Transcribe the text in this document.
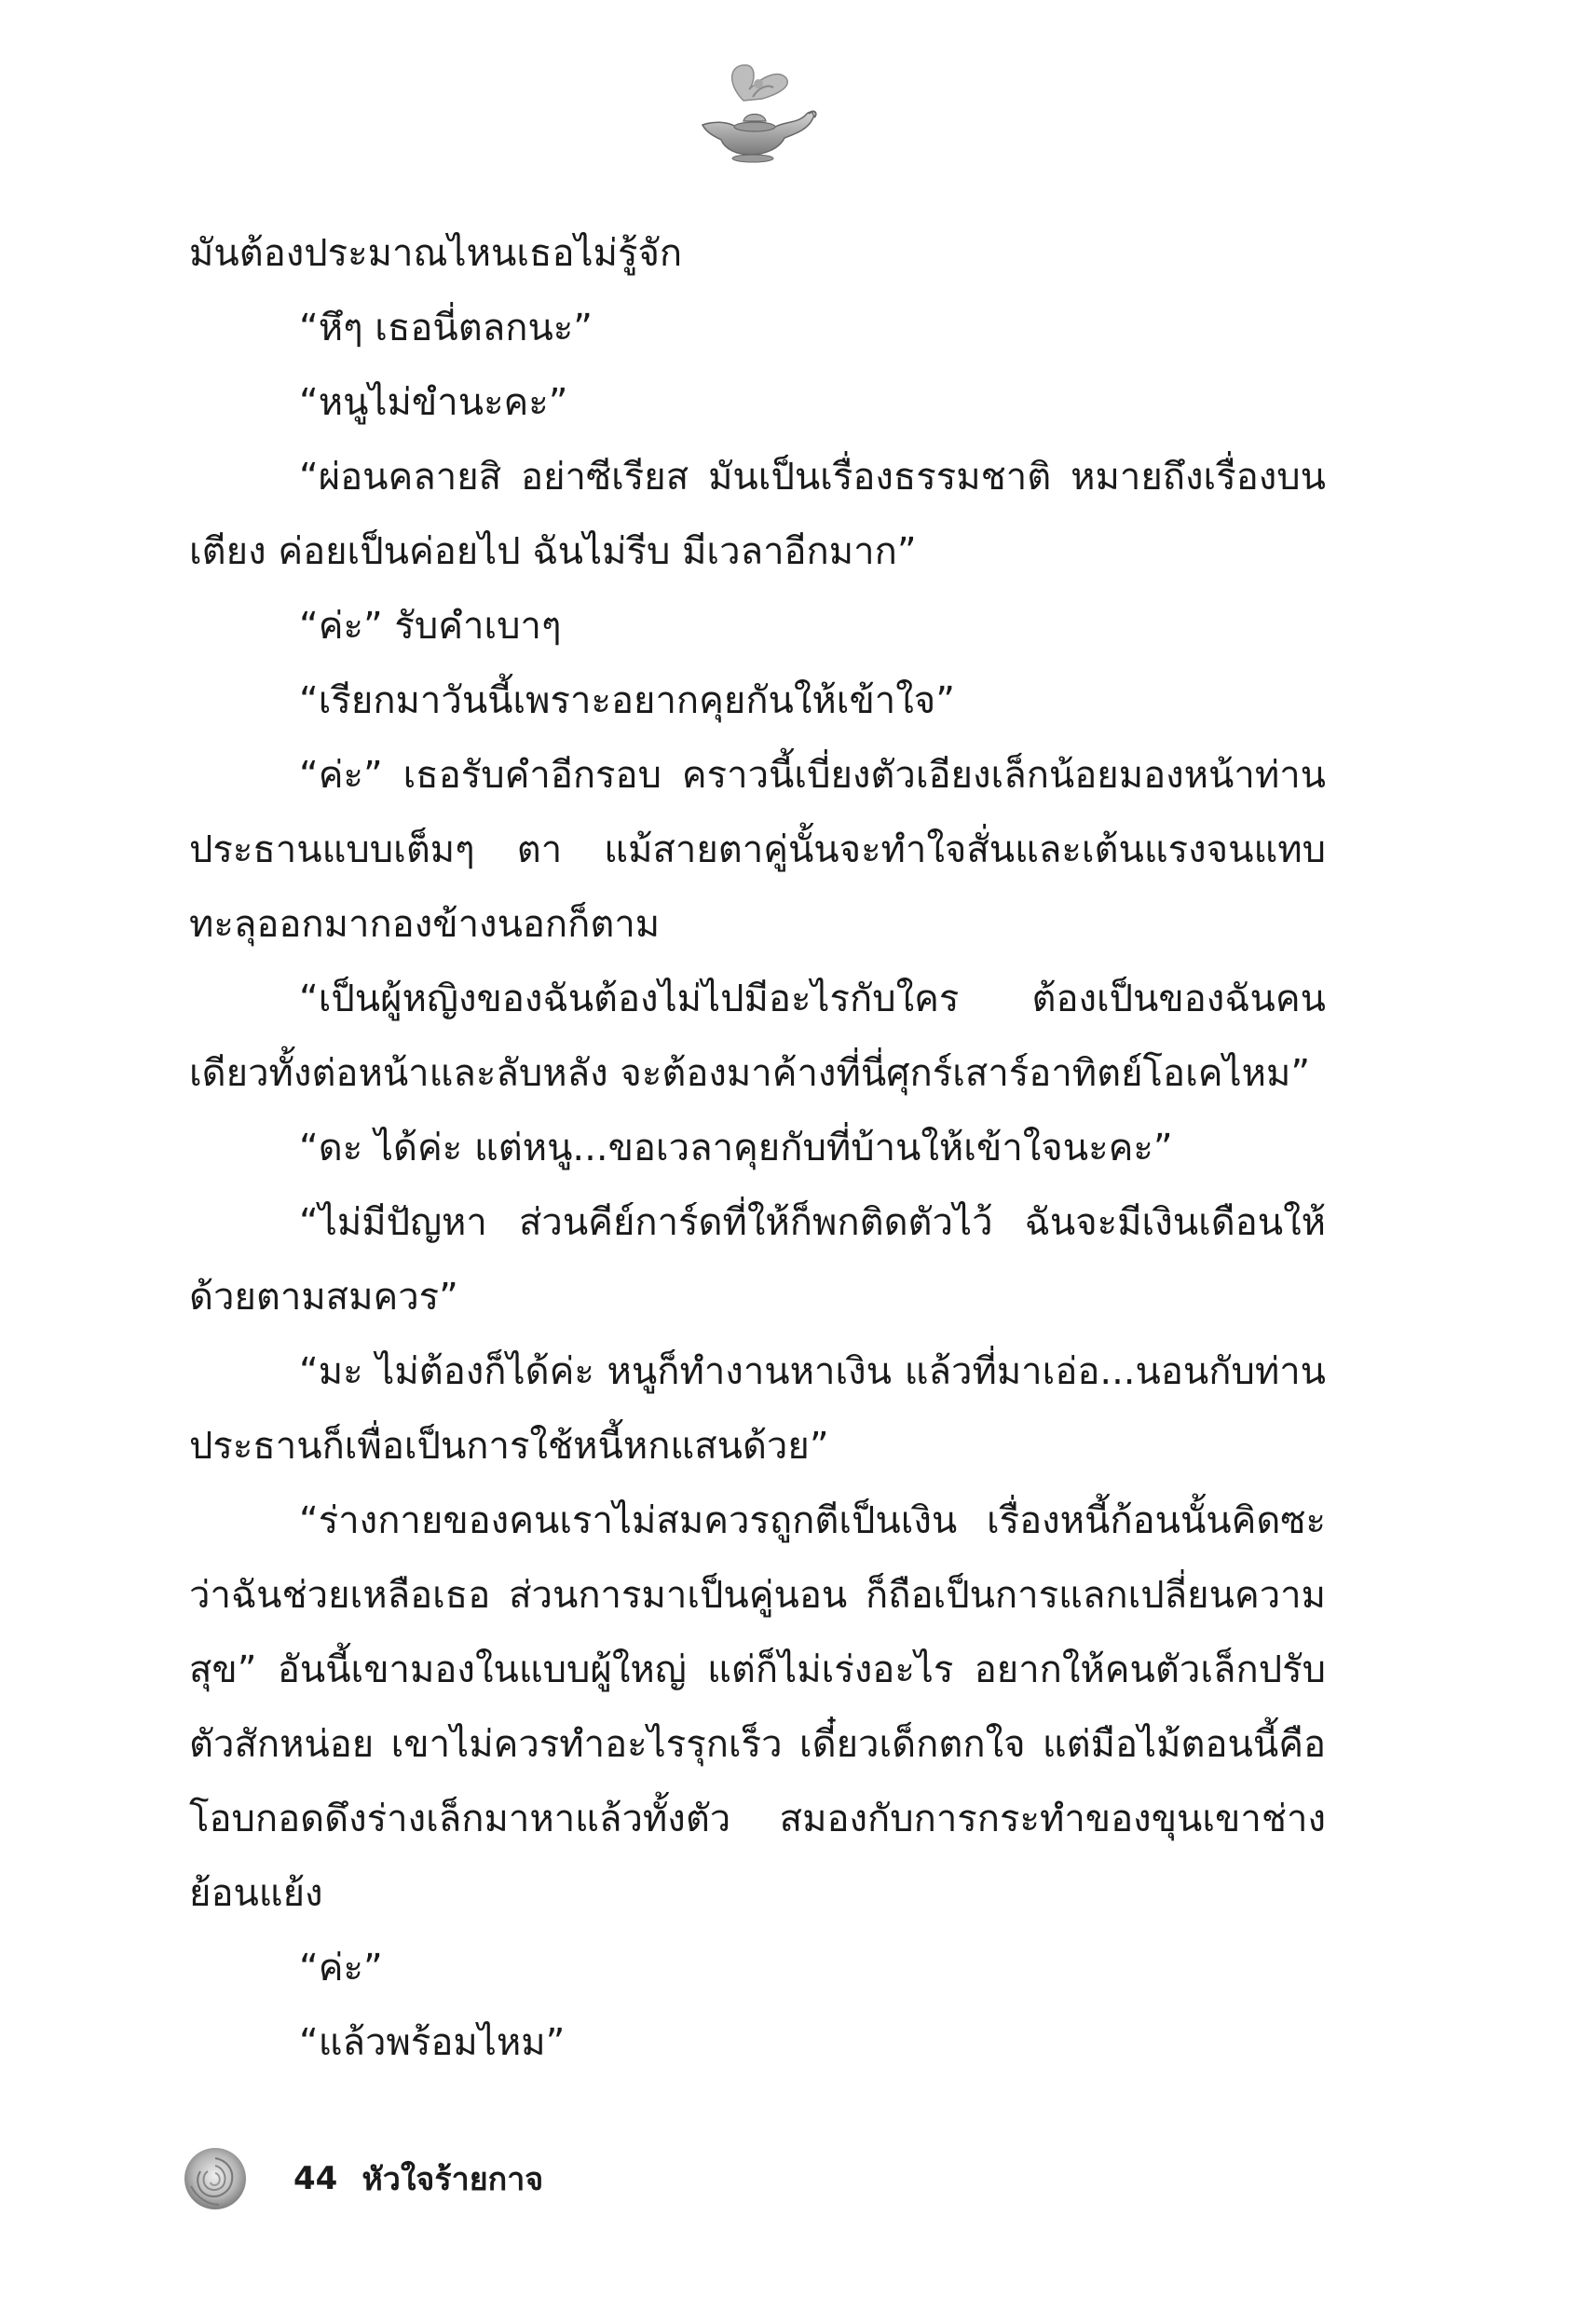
มันต้องประมาณไหนเธอไม่รู้จัก

“หึๆ เธอนี่ตลกนะ”

“หนูไม่ขำนะคะ”

“ผ่อนคลายสิ อย่าซีเรียส มันเป็นเรื่องธรรมชาติ หมายถึงเรื่องบนเตียง ค่อยเป็นค่อยไป ฉันไม่รีบ มีเวลาอีกมาก”

“ค่ะ” รับคำเบาๆ

“เรียกมาวันนี้เพราะอยากคุยกันให้เข้าใจ”

“ค่ะ” เธอรับคำอีกรอบ คราวนี้เบี่ยงตัวเอียงเล็กน้อยมองหน้าท่านประธานแบบเต็มๆ ตา แม้สายตาคู่นั้นจะทำใจสั่นและเต้นแรงจนแทบทะลุออกมากองข้างนอกก็ตาม

“เป็นผู้หญิงของฉันต้องไม่ไปมีอะไรกับใคร ต้องเป็นของฉันคนเดียวทั้งต่อหน้าและลับหลัง จะต้องมาค้างที่นี่ศุกร์เสาร์อาทิตย์โอเคไหม”

“ดะ ได้ค่ะ แต่หนู...ขอเวลาคุยกับที่บ้านให้เข้าใจนะคะ”

“ไม่มีปัญหา ส่วนคีย์การ์ดที่ให้ก็พกติดตัวไว้ ฉันจะมีเงินเดือนให้ด้วยตามสมควร”

“มะ ไม่ต้องก็ได้ค่ะ หนูก็ทำงานหาเงิน แล้วที่มาเอ่อ...นอนกับท่านประธานก็เพื่อเป็นการใช้หนี้หกแสนด้วย”

“ร่างกายของคนเราไม่สมควรถูกตีเป็นเงิน เรื่องหนี้ก้อนนั้นคิดซะว่าฉันช่วยเหลือเธอ ส่วนการมาเป็นคู่นอน ก็ถือเป็นการแลกเปลี่ยนความสุข” อันนี้เขามองในแบบผู้ใหญ่ แต่ก็ไม่เร่งอะไร อยากให้คนตัวเล็กปรับตัวสักหน่อย เขาไม่ควรทำอะไรรุกเร็ว เดี๋ยวเด็กตกใจ แต่มือไม้ตอนนี้คือโอบกอดดึงร่างเล็กมาหาแล้วทั้งตัว สมองกับการกระทำของขุนเขาช่างย้อนแย้ง

“ค่ะ”

“แล้วพร้อมไหม”

44 หัวใจร้ายกาจ
